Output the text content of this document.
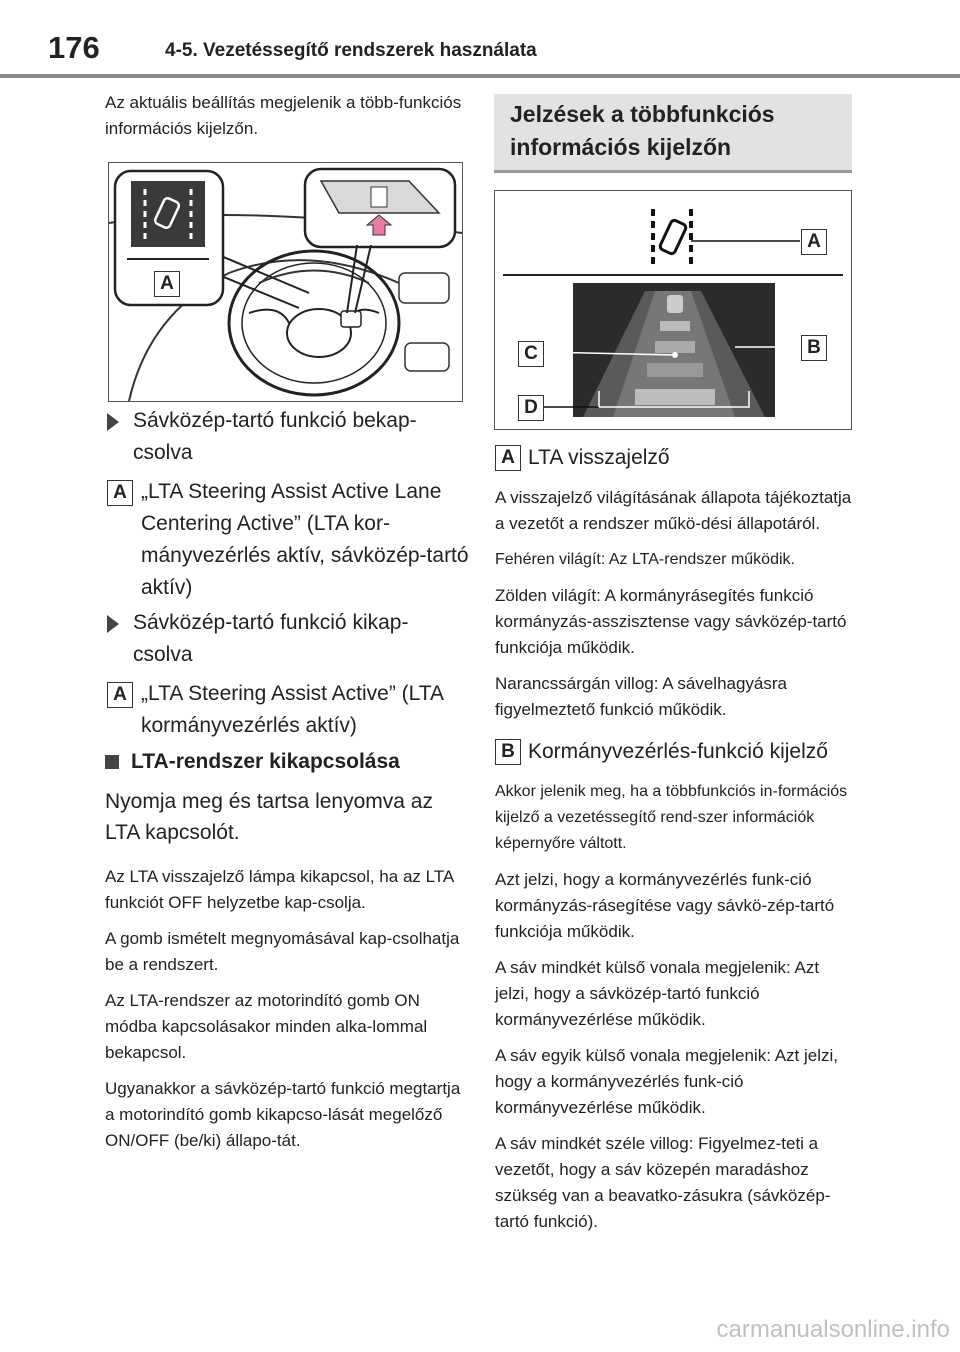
176	4-5. Vezetéssegítő rendszerek használata

Az aktuális beállítás megjelenik a több-funkciós információs kijelzőn.

A
Sávközép-tartó funkció bekap-csolva
A „LTA Steering Assist Active Lane Centering Active” (LTA kor-mányvezérlés aktív, sávközép-tartó aktív)
Sávközép-tartó funkció kikap-csolva
A „LTA Steering Assist Active” (LTA kormányvezérlés aktív)
LTA-rendszer kikapcsolása

Nyomja meg és tartsa lenyomva az LTA kapcsolót.

Az LTA visszajelző lámpa kikapcsol, ha az LTA funkciót OFF helyzetbe kap-csolja.

A gomb ismételt megnyomásával kap-csolhatja be a rendszert.

Az LTA-rendszer az motorindító gomb ON módba kapcsolásakor minden alka-lommal bekapcsol.

Ugyanakkor a sávközép-tartó funkció megtartja a motorindító gomb kikapcso-lását megelőző ON/OFF (be/ki) állapo-tát.

Jelzések a többfunkciós információs kijelzőn
A
B
C
D
A LTA visszajelző

A visszajelző világításának állapota tájékoztatja a vezetőt a rendszer műkö-dési állapotáról.

Fehéren világít: Az LTA-rendszer működik.

Zölden világít: A kormányrásegítés funkció kormányzás-asszisztense vagy sávközép-tartó funkciója működik.

Narancssárgán villog: A sávelhagyásra figyelmeztető funkció működik.

B Kormányvezérlés-funkció kijelző

Akkor jelenik meg, ha a többfunkciós in-formációs kijelző a vezetéssegítő rend-szer információk képernyőre váltott.

Azt jelzi, hogy a kormányvezérlés funk-ció kormányzás-rásegítése vagy sávkö-zép-tartó funkciója működik.

A sáv mindkét külső vonala megjelenik: Azt jelzi, hogy a sávközép-tartó funkció kormányvezérlése működik.

A sáv egyik külső vonala megjelenik: Azt jelzi, hogy a kormányvezérlés funk-ció kormányvezérlése működik.

A sáv mindkét széle villog: Figyelmez-teti a vezetőt, hogy a sáv közepén maradáshoz szükség van a beavatko-zásukra (sávközép-tartó funkció).

carmanualsonline.info
